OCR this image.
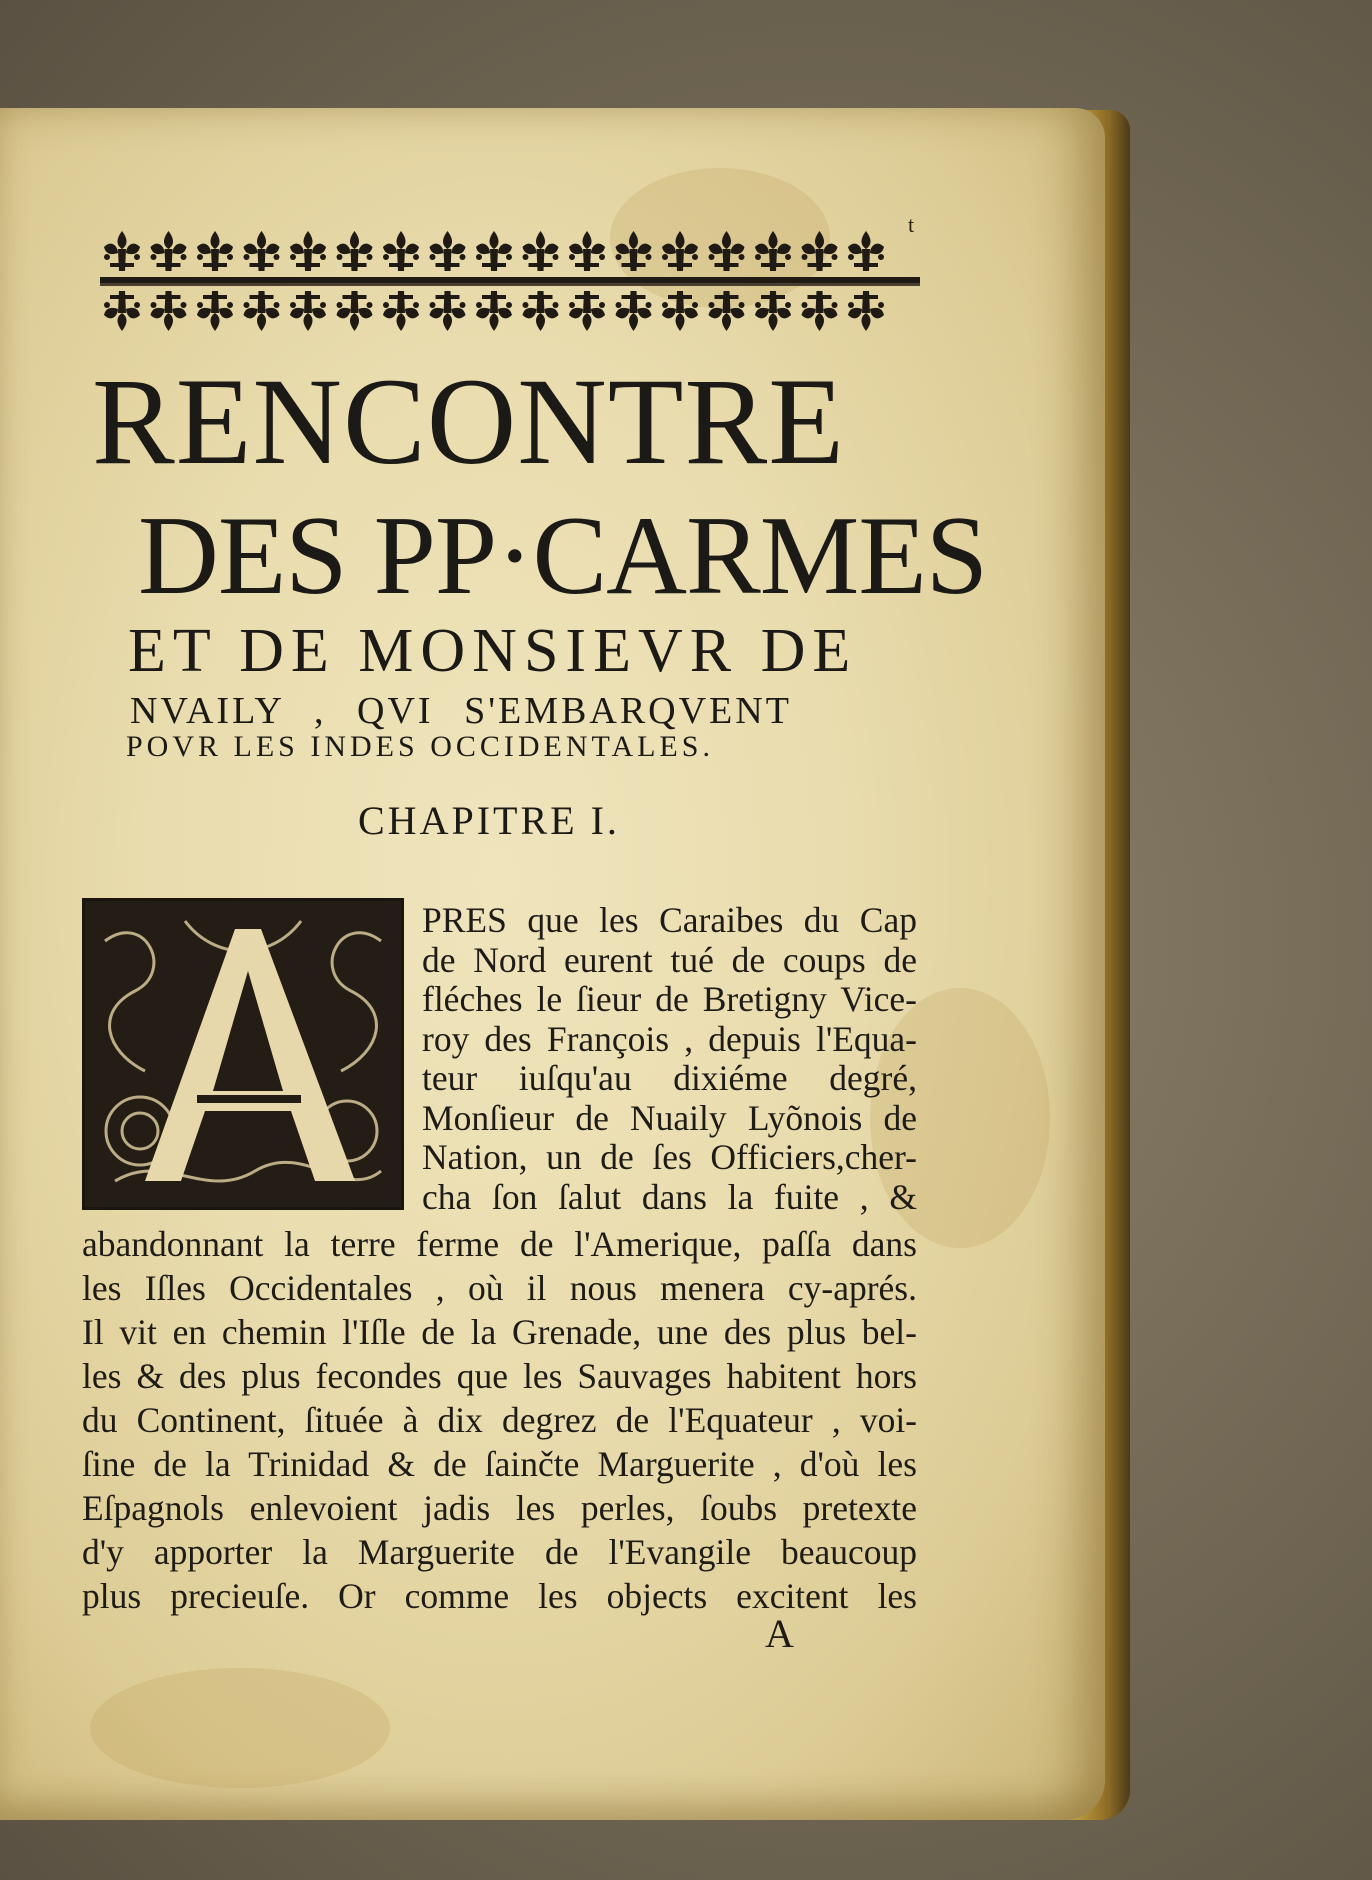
t
RENCONTRE
DES PP·CARMES
ET DE MONSIEVR DE
NVAILY , QVI S'EMBARQVENT
POVR LES INDES OCCIDENTALES.
CHAPITRE I.
PRES que les Caraibes du Cap
de Nord eurent tué de coups de
fléches le ſieur de Bretigny Vice-
roy des François , depuis l'Equa-
teur iuſqu'au dixiéme degré,
Monſieur de Nuaily Lyõnois de
Nation, un de ſes Officiers,cher-
cha ſon ſalut dans la fuite , &
abandonnant la terre ferme de l'Amerique, paſſa dans
les Iſles Occidentales , où il nous menera cy-aprés.
Il vit en chemin l'Iſle de la Grenade, une des plus bel-
les & des plus fecondes que les Sauvages habitent hors
du Continent, ſituée à dix degrez de l'Equateur , voi-
ſine de la Trinidad & de ſainčte Marguerite , d'où les
Eſpagnols enlevoient jadis les perles, ſoubs pretexte
d'y apporter la Marguerite de l'Evangile beaucoup
plus precieuſe. Or comme les objects excitent les
A
